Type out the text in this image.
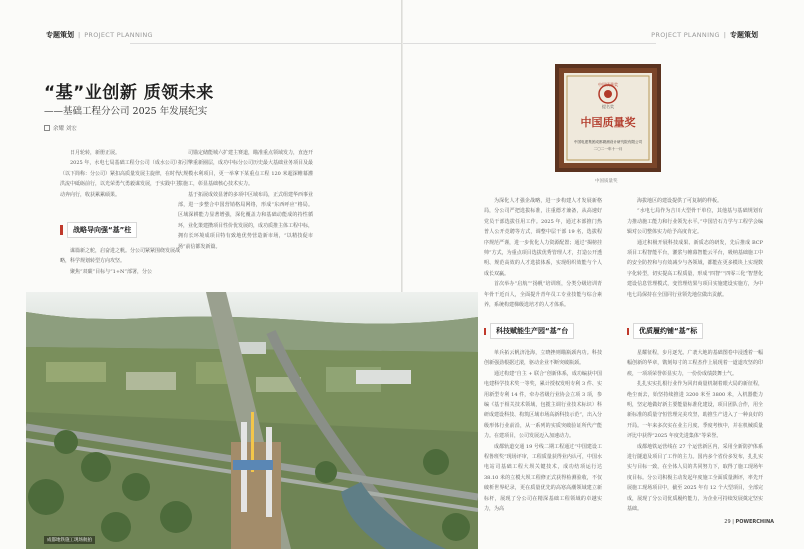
专题策划 | PROJECT PLANNING
“基”业创新 质领未来
——基础工程分公司 2025 年发展纪实
余耀 刘宏

日月轮转，新册正展。

2025 年，水电七局基础工程分公司（成水公司）（以下简称：分公司）紧扣高质量发展主旋律，在时代洪流中砥砺前行，以光荣勇气勇毅谋发展，于实践中主动奔向行，收获累累硕果。

战略导向强“基”柱

谋篇新之舵，启奋进之帆。分公司紧紧围绕发展战略，科学规划转型方向攻坚。

聚焦“双碳”目标与“1+N”部署，分公

司锚定储能城六扩建主赛道，瞄准重点领域发力，直连开拓引擎重新圈层，成功中标分公司历史最大基础业务项目及最大规模水利项目，更一举拿下某重点工程 120 米超深帷幕灌浆施工，彰显基础核心技术实力。

基于拓展成效显著的多项中区域布局，正式组建华西事业部，进一步整合中国营销格局网络，形成“东西呼应”格局。区域深耕能力显著增强，深化覆盖力和基础动能成的持性循环，业化策建攒项目性价优发展的，成功质推主体工程中标，拥有长环境成项目特有致地优势营造新市场，“以精技促市场”前信都发新篇。

PROJECT PLANNING | 专题策划
29 | POWERCHINA

为深化人才强企战略，进一步构建人才发展新格局，分公司严把选拔标准，注重德才兼备，从高速好党员干部选拔任用工作。2025 年，通过本部推门热普人公开竞聘等方式，调整中层干部 19 名，选拔程序规范严谨，进一步优化人力资源配置；通过“揭榜挂帅”方式，为重点项目选拔优秀管理人才，打造公开透明、规范高效的人才选拔体系，实现组织效能与个人成长双赢。

首次举办“启航”“扬帆”培训班，分类分级培训青年骨干近百人，全面提升青年员工专业技能与综合素养，系统构建梯级选培才的人才体系。

科技赋能生产园“基”台

单兵拓云帆济沧海，立晓挫则瞄瓶颈内功。科技创新强劲根据过滚，驱动企业不断突破瓶颈。

通过构建“自主 + 联合”创新体系，成功编获中国电建科学技术奖一等奖，累计授权发明专利 3 件、实用新型专利 14 件，牵办省级行业协会立项 3 项，参编《基于相关技术领域，包揽主调行业技术标识）科研成建设科技、构筑区域市场高新科技示范”，出入分级形体行业前沿，从一系列的实质突破验证所代产能力。在建项目，公司发展迈入加速动力。

成都轨道交通 19 号线二期工程通过“中国建设工程鲁班奖”现场评审，工程质量获得业内认可，中国水电站司基础工程大坝关键技术，成功结项运行达 38.10 米的立模大坝工程修正式获得检测验收，不仅破析世界纪录，更在质量优先的高寒高潮领域建立新标杆，展现了分公司在精深基础工程领域的卓越实力，为高

海拔地区的建设提供了可复制的样板。

“水电七局作为吉川大型骨干单位，其他基与基础规划有力推动施工能力和行业领先水平。”中国岩石力学与工程学会编辑对公司整体实力给予高度肯定。

通过积极开展科技成果、新质态的研发，先后推成 BCP 项目工程智能平台，灌浆与帷幕智能云平台，吸纳基础施工中的安全防控和与有效减少与各领域，都能在更多模块上实现数字化转型，切实提高工程质量，形成“四智”“四零三化”智慧化建设信息管理模式，变管理结果与项目实施建设实施方，为中电七局保持在全国同行业领先地位做出贡献。

优质履约铺“基”标

星耀征程，步月逐光。广袤大地的基础图卷中浸透着一幅幅创新的华章，镌刻每寸的工程杰作上展现着一道道攻坚的印痕，一项项荣誉彰显实力，一份份成绩鼓舞士气。

扎扎实实扎根行业作为回归商量机制着眼大局的新征程，绝尘而去，始坚持续推进 3200 米至 3800 米，入机器能力明，坚定地做好新主要能量标准化建设，项目团队合作，用全新标准的质量守恒管理完美攻坚，助推生产进入了一种良好的开局。一年来多次实在业主月度、季度考核中，并在机械质量评比中获得“2025 年度先进集体”等荣誉。

成都地铁运营线在 27 个运营新区内，采用全新防护体系进行隧道及项目了工作的主力。国内多个省份多发布，扎扎实实与目标一致，在全体人员的共同努力下，取得了施工现场年度目标。分公司积极主动发起年度施工全面质量测评，率先开展施工现场项目中，截至 2025 年有 12 个大型项目，全部完成，展现了分公司优质履约能力，为企业可持续发展奠定坚实基础。

中国质量奖
提名奖
中国质量奖
中国电建集团成都勘测设计研究院有限公司
二〇二一年十一月
中国质量奖
成都地铁施工现场航拍
